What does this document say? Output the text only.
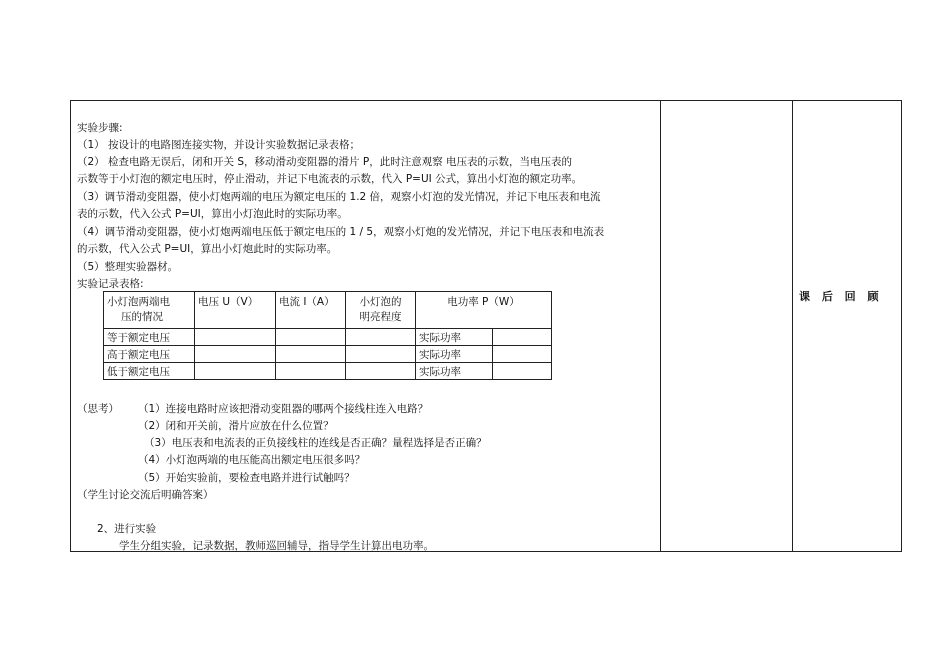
实验步骤:
（1） 按设计的电路图连接实物，并设计实验数据记录表格；
（2） 检查电路无误后，闭和开关 S，移动滑动变阻器的滑片 P，此时注意观察 电压表的示数，当电压表的
示数等于小灯泡的额定电压时，停止滑动，并记下电流表的示数，代入 P=UI 公式，算出小灯泡的额定功率。
（3）调节滑动变阻器，使小灯炮两端的电压为额定电压的 1.2 倍，观察小灯泡的发光情况，并记下电压表和电流
表的示数，代入公式 P=UI，算出小灯泡此时的实际功率。
（4）调节滑动变阻器，使小灯炮两端电压低于额定电压的 1 / 5，观察小灯炮的发光情况，并记下电压表和电流表
的示数，代入公式 P=UI，算出小灯炮此时的实际功率。
（5）整理实验器材。
实验记录表格:
小灯泡两端电
压的情况	电压 U（V）	电流 I（A）	小灯泡的
明亮程度	电功率 P（W）	
等于额定电压				实际功率	
高于额定电压				实际功率	
低于额定电压				实际功率	
（思考） （1）连接电路时应该把滑动变阻器的哪两个接线柱连入电路？
（2）闭和开关前，滑片应放在什么位置？
（3）电压表和电流表的正负接线柱的连线是否正确？量程选择是否正确？
（4）小灯泡两端的电压能高出额定电压很多吗？
（5）开始实验前，要检查电路并进行试触吗？
（学生讨论交流后明确答案）
2、进行实验
学生分组实验，记录数据，教师巡回辅导，指导学生计算出电功率。
课 后 回 顾
